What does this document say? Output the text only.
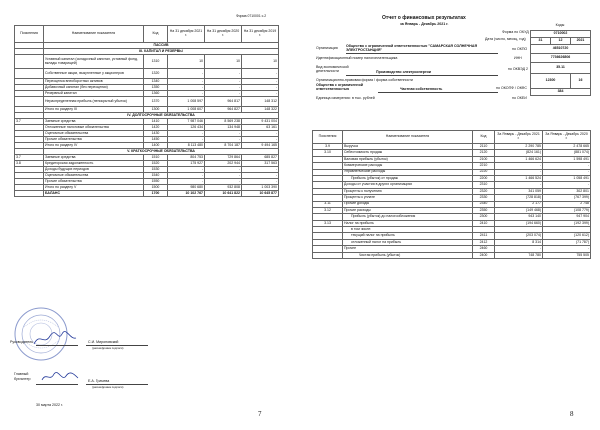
Форма 0710001 с.2
Пояснения	Наименование показателя	Код	На 31 декабря 2021 г.	На 31 декабря 2020 г.	На 31 декабря 2019 г.
	ПАССИВ				
	III. КАПИТАЛ И РЕЗЕРВЫ				
	Уставный капитал (складочный капитал, уставный фонд, вклады товарищей)	1310	10	10	10
	Собственные акции, выкупленные у акционеров	1320	-	-	-
	Переоценка внеоборотных активов	1340	-	-	-
	Добавочный капитал (без переоценки)	1350	-	-	-
	Резервный капитал	1360	-	-	-
	Нераспределенная прибыль (непокрытый убыток)	1370	1 008 597	964 817	148 312
	Итого по разделу III	1300	1 008 607	964 827	148 322
	IV. ДОЛГОСРОЧНЫЕ ОБЯЗАТЕЛЬСТВА				
3.7	Заемные средства	1410	7 987 046	8 569 238	9 431 004
	Отложенные налоговые обязательства	1420	126 434	134 948	63 161
	Оценочные обязательства	1430	-	-	-
	Прочие обязательства	1450	-	-	-
	Итого по разделу IV	1400	8 113 480	8 704 187	9 494 165
	V. КРАТКОСРОЧНЫЕ ОБЯЗАТЕЛЬСТВА				
3.7	Заемные средства	1510	804 753	729 864	685 827
3.8	Кредиторская задолженность	1520	175 927	202 944	317 563
	Доходы будущих периодов	1530	-	-	-
	Оценочные обязательства	1540	-	-	-
	Прочие обязательства	1550	-	-	-
	Итого по разделу V	1500	980 680	932 808	1 003 390
	БАЛАНС	1700	10 102 767	10 641 822	10 645 877
Руководитель	С.И. Мироновский
(расшифровка подписи)
Главный
бухгалтер	Е.А. Грачева
(расшифровка подписи)
30 марта 2022 г.
7
Отчет о финансовых результатах
за Январь - Декабрь 2021 г.	Коды
0710002		
31	12	2021
46510720		
7736626806		
35.11		
12300		16
384		
Форма по ОКУД
Дата (число, месяц, год)
Организация Общество с ограниченной ответственностью "САМАРСКАЯ СОЛНЕЧНАЯ ЭЛЕКТРОСТАНЦИЯ"	по ОКПО
Идентификационный номер налогоплательщика	ИНН
Вид экономической деятельности	Производство электроэнергии
по ОКВЭД 2
Организационно-правовая форма / форма собственности
Общества с ограниченной ответственностью	Частная собственность	по ОКОПФ / ОКФС
Единица измерения: в тыс. рублей	по ОКЕИ
Пояснения	Наименование показателя	Код	За Январь - Декабрь 2021 г.	За Январь - Декабрь 2020 г.
3.9	Выручка	2110	2 290 785	2 478 665
3.10	Себестоимость продаж	2120	(824 161)	(881 074)
	Валовая прибыль (убыток)	2100	1 466 624	1 598 491
	Коммерческие расходы	2210	-	-
	Управленческие расходы	2220	-	-
	Прибыль (убыток) от продаж	2200	1 466 524	1 058 491
	Доходы от участия в других организациях	2310	-	-
	Проценты к получению	2320	341 059	302 801
	Проценты к уплате	2330	(728 818)	(767 399)
3.11	Прочие доходы	2340	2 177	2 748
3.12	Прочие расходы	2350	(149 468)	(108 779)
	Прибыль (убыток) до налогообложения	2300	943 140	947 904
3.13	Налог на прибыль	2410	(194 660)	(192 399)
	в том числе:			
	текущий налог на прибыль	2411	(203 074)	(120 612)
	отложенный налог на прибыль	2412	8 314	(71 787)
	Прочее	2460	-	-
	Чистая прибыль (убыток)	2400	748 780	755 505
8
